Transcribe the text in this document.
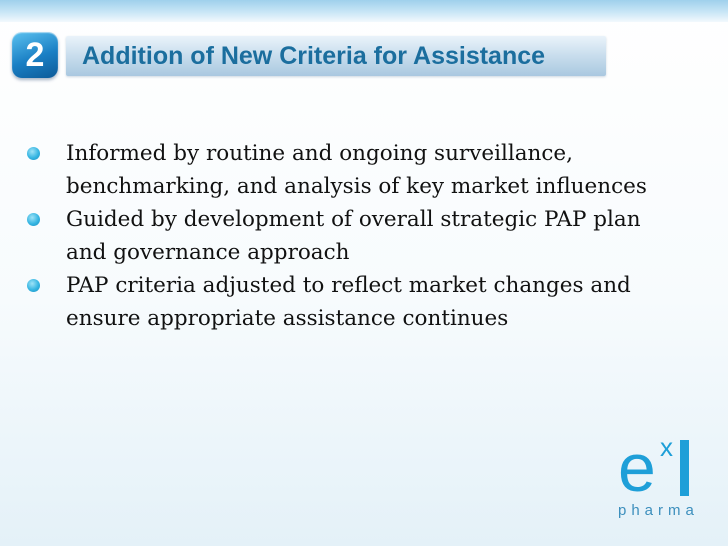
2	Addition of New Criteria for Assistance
Informed by routine and ongoing surveillance, benchmarking, and analysis of key market influences
Guided by development of overall strategic PAP plan and governance approach
PAP criteria adjusted to reflect market changes and ensure appropriate assistance continues
e x
pharma
